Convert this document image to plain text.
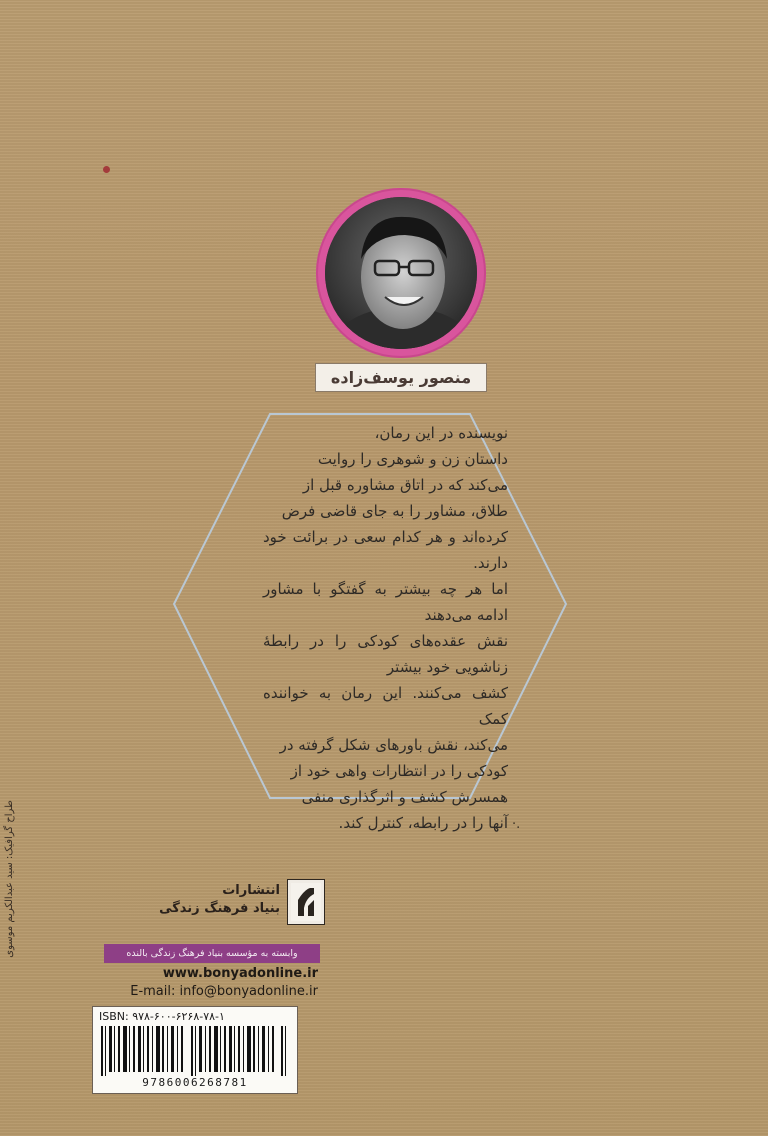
منصور یوسف‌زاده

نویسنده در این رمان،

داستان زن و شوهری را روایت

می‌کند که در اتاق مشاوره قبل از

طلاق، مشاور را به جای قاضی فرض

کرده‌اند و هر کدام سعی در برائت خود دارند.

اما هر چه بیشتر به گفتگو با مشاور ادامه می‌دهند

نقش عقده‌های کودکی را در رابطهٔ زناشویی خود بیشتر

کشف می‌کنند. این رمان به خواننده کمک

می‌کند، نقش باورهای شکل گرفته در

کودکی را در انتظارات واهی خود از

همسرش کشف و اثرگذاری منفی

آنها را در رابطه، کنترل کند. ·.
طراح گرافیک: سید عبدالکریم موسوی	انتشارات
بنیاد فرهنگ زندگی
وابسته به مؤسسه بنیاد فرهنگ زندگی بالنده
www.bonyadonline.ir
E-mail: info@bonyadonline.ir
ISBN: ۹۷۸-۶۰۰-۶۲۶۸-۷۸-۱
9786006268781
